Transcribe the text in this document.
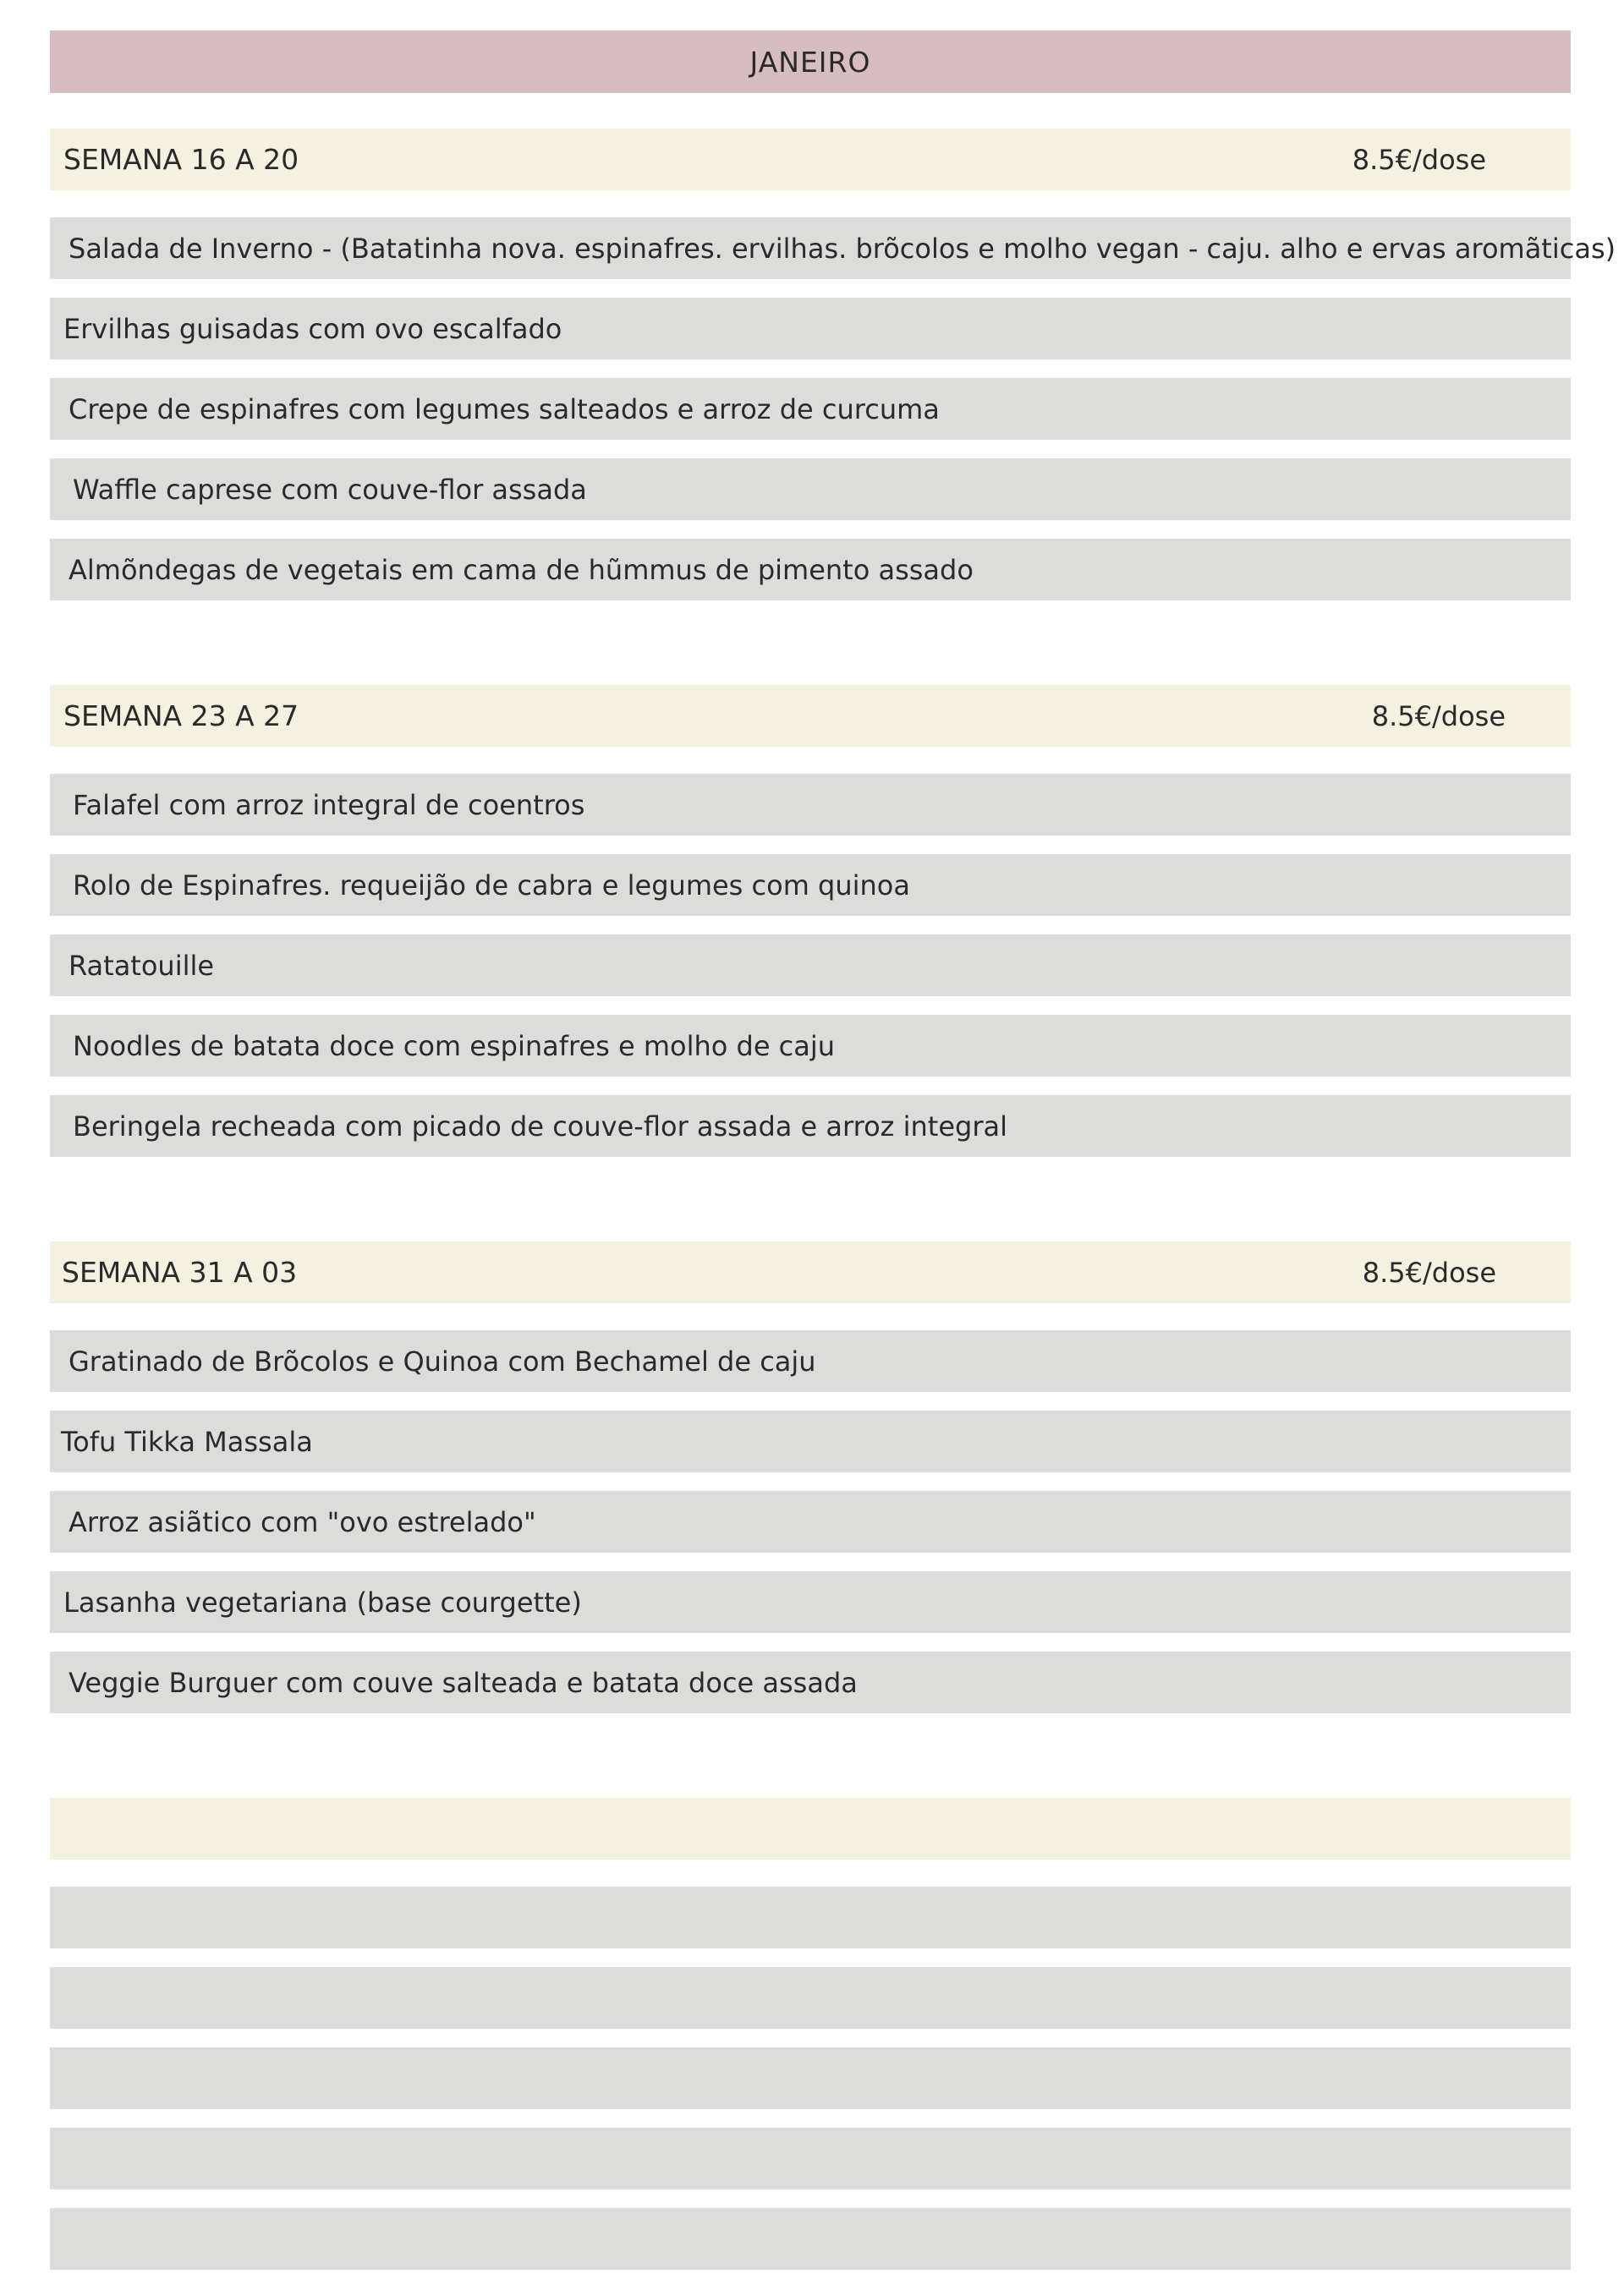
JANEIRO
SEMANA 16 A 20	8.5€/dose
Salada de Inverno - (Batatinha nova. espinafres. ervilhas. brõcolos e molho vegan - caju. alho e ervas aromãticas)
Ervilhas guisadas com ovo escalfado
Crepe de espinafres com legumes salteados e arroz de curcuma
Waffle caprese com couve-flor assada
Almõndegas de vegetais em cama de hũmmus de pimento assado
SEMANA 23 A 27	8.5€/dose
Falafel com arroz integral de coentros
Rolo de Espinafres. requeijão de cabra e legumes com quinoa
Ratatouille
Noodles de batata doce com espinafres e molho de caju
Beringela recheada com picado de couve-flor assada e arroz integral
SEMANA 31 A 03	8.5€/dose
Gratinado de Brõcolos e Quinoa com Bechamel de caju
Tofu Tikka Massala
Arroz asiãtico com "ovo estrelado"
Lasanha vegetariana (base courgette)
Veggie Burguer com couve salteada e batata doce assada
